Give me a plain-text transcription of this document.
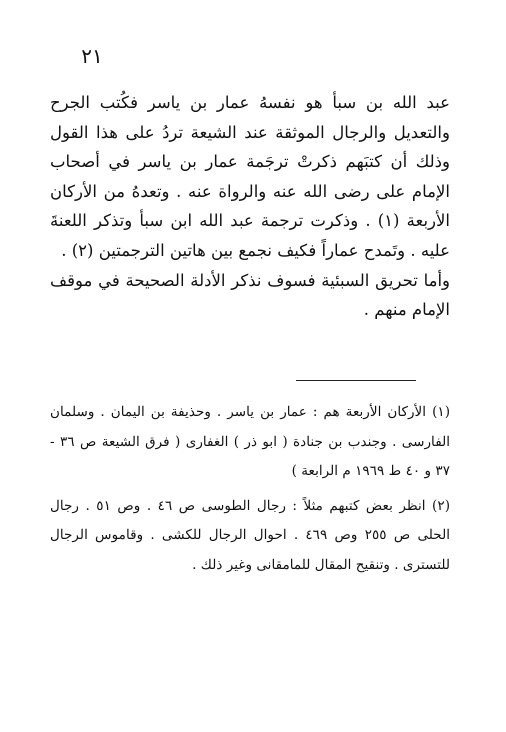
٢١

عبد الله بن سبأ هو نفسهُ عمار بن ياسر فكُتب الجرح والتعديل والرجال الموثقة عند الشيعة تردُ على هذا القول وذلك أن كتبَهم ذكرتْ ترجَمة عمار بن ياسر في أصحاب الإمام على رضى الله عنه والرواة عنه . وتعدهُ من الأركان الأربعة (١) . وذكرت ترجمة عبد الله ابن سبأ وتذكر اللعنةَ عليه . وتَمدح عماراً فكيف نجمع بين هاتين الترجمتين (٢) .

وأما تحريق السبئية فسوف نذكر الأدلة الصحيحة في موقف الإمام منهم .

(١) الأركان الأربعة هم : عمار بن ياسر . وحذيفة بن اليمان . وسلمان الفارسى . وجندب بن جنادة ( ابو ذر ) الغفارى ( فرق الشيعة ص ٣٦ - ٣٧ و ٤٠ ط ١٩٦٩ م الرابعة )

(٢) انظر بعض كتبهم مثلاً : رجال الطوسى ص ٤٦ . وص ٥١ . رجال الحلى ص ٢٥٥ وص ٤٦٩ . احوال الرجال للكشى . وقاموس الرجال للتسترى . وتنقيح المقال للمامقانى وغير ذلك .
